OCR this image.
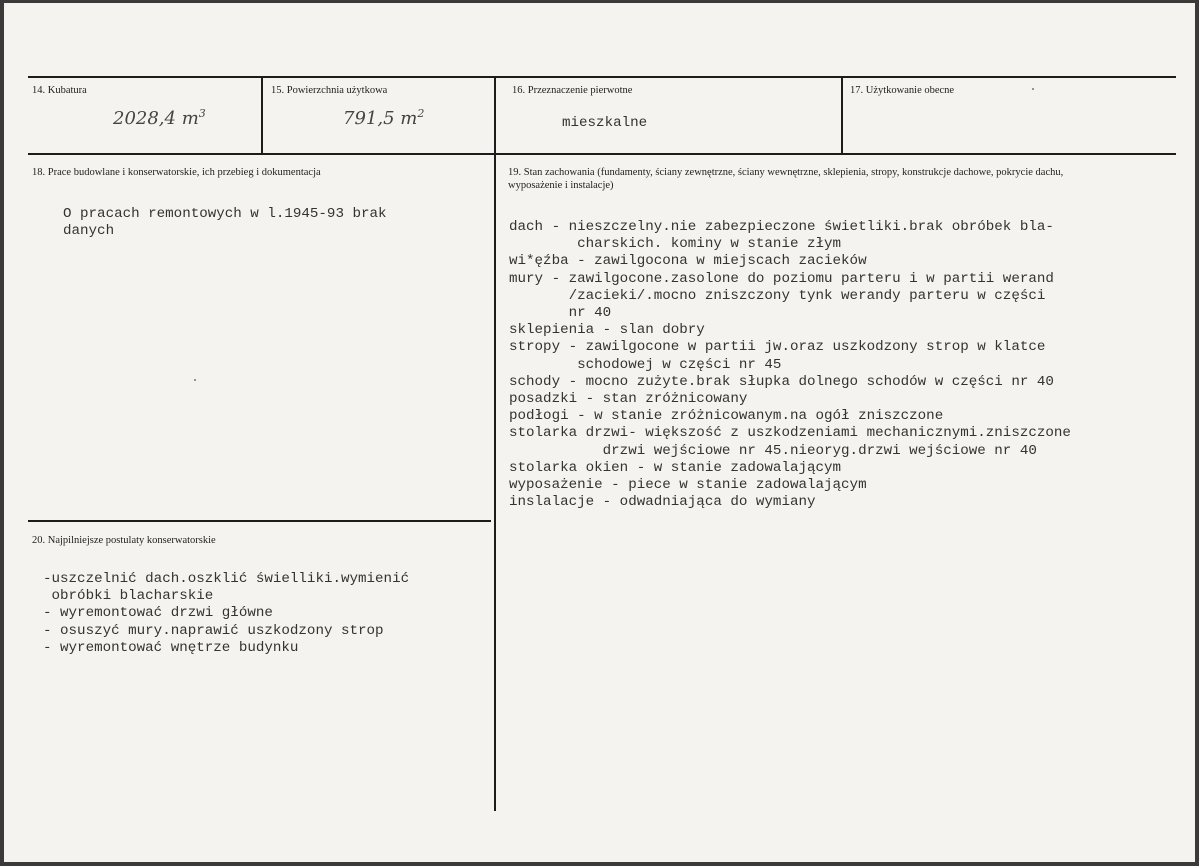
14. Kubatura
2028,4 $m^3$
15. Powierzchnia użytkowa
791,5 $m^2$
16. Przeznaczenie pierwotne
mieszkalne
17. Użytkowanie obecne
18. Prace budowlane i konserwatorskie, ich przebieg i dokumentacja
O pracach remontowych w l.1945-93 brak
danych
19. Stan zachowania (fundamenty, ściany zewnętrzne, ściany wewnętrzne, sklepienia, stropy, konstrukcje dachowe, pokrycie dachu, wyposażenie i instalacje)
dach - nieszczelny.nie zabezpieczone świetliki.brak obróbek bla-
charskich. kominy w stanie złym
wi*ęźba - zawilgocona w miejscach zacieków
mury - zawilgocone.zasolone do poziomu parteru i w partii werand
/zacieki/.mocno zniszczony tynk werandy parteru w części
nr 40
sklepienia - slan dobry
stropy - zawilgocone w partii jw.oraz uszkodzony strop w klatce
schodowej w części nr 45
schody - mocno zużyte.brak słupka dolnego schodów w części nr 40
posadzki - stan zróżnicowany
podłogi - w stanie zróżnicowanym.na ogół zniszczone
stolarka drzwi- większość z uszkodzeniami mechanicznymi.zniszczone
drzwi wejściowe nr 45.nieoryg.drzwi wejściowe nr 40
stolarka okien - w stanie zadowalającym
wyposażenie - piece w stanie zadowalającym
inslalacje - odwadniająca do wymiany
20. Najpilniejsze postulaty konserwatorskie
-uszczelnić dach.oszklić świelliki.wymienić
obróbki blacharskie
- wyremontować drzwi główne
- osuszyć mury.naprawić uszkodzony strop
- wyremontować wnętrze budynku
